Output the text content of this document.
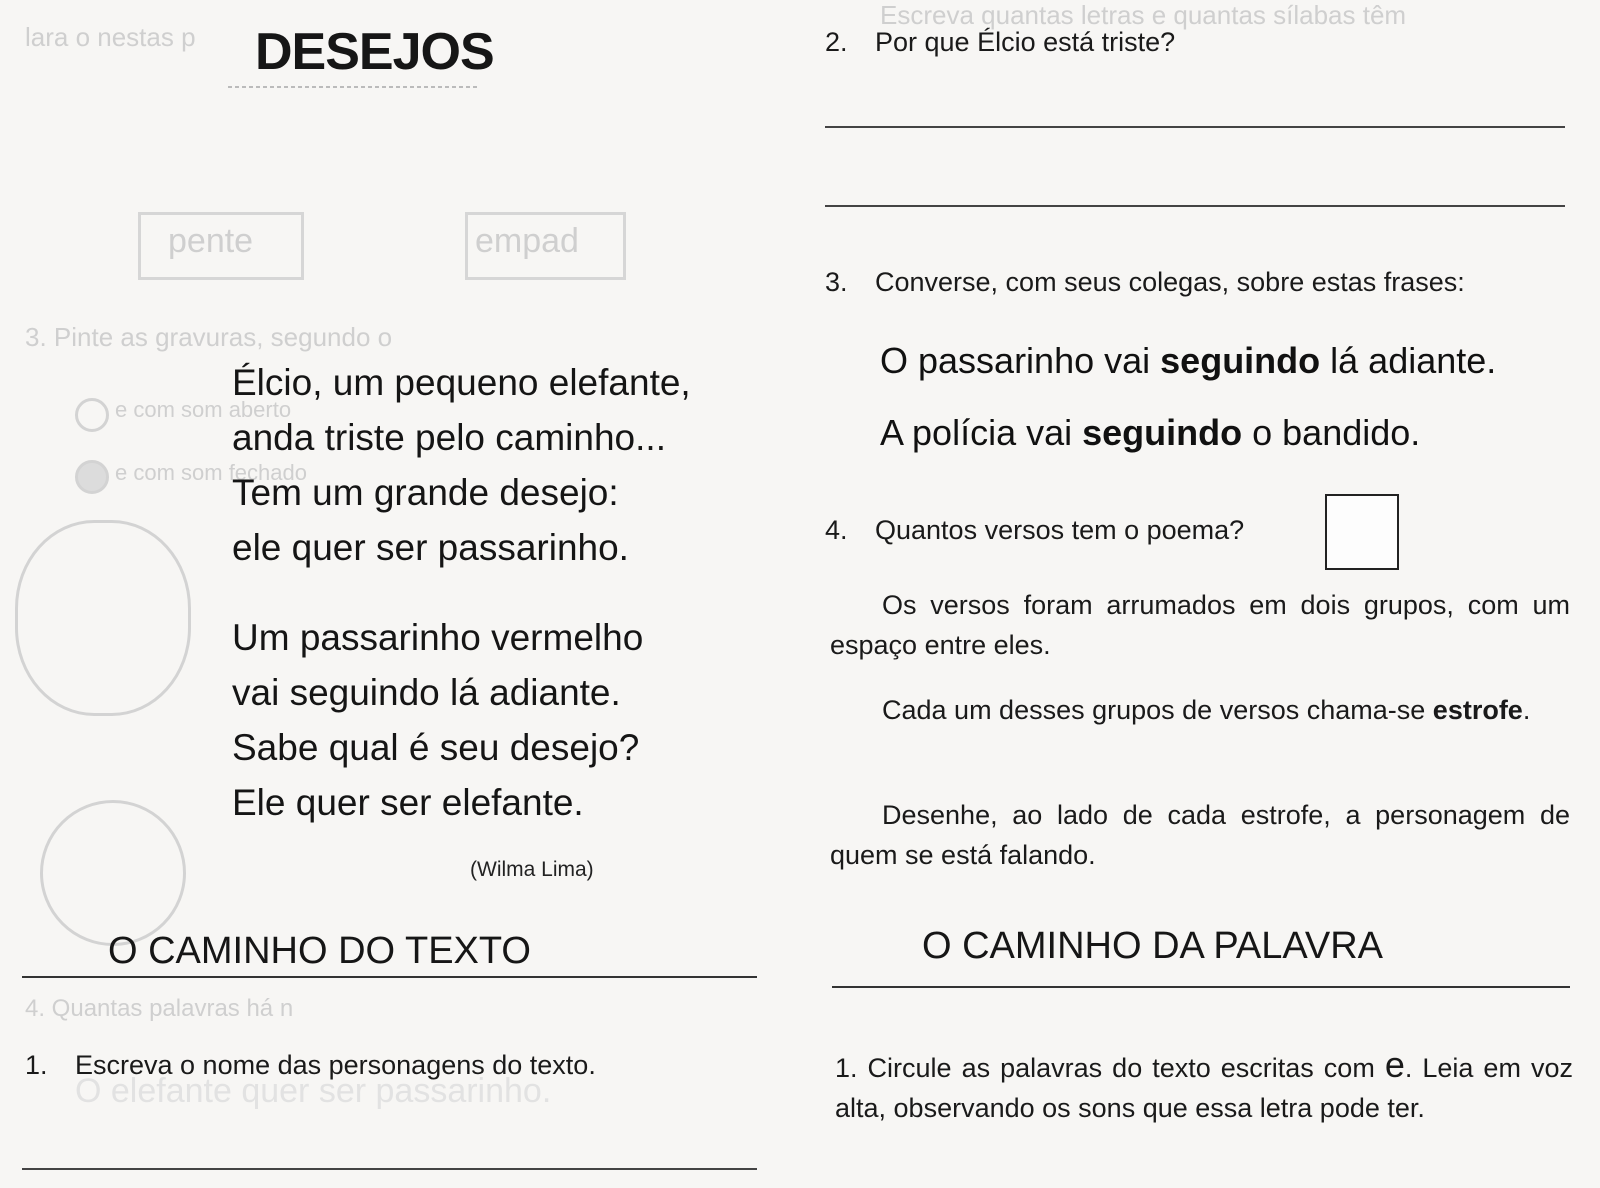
lara o nestas p
Escreva quantas letras e quantas sílabas têm
pente	empad
3. Pinte as gravuras, segundo o
e com som aberto
e com som fechado
4. Quantas palavras há n
O elefante quer ser passarinho.
DESEJOS
Élcio, um pequeno elefante,
anda triste pelo caminho...
Tem um grande desejo:
ele quer ser passarinho.
Um passarinho vermelho
vai seguindo lá adiante.
Sabe qual é seu desejo?
Ele quer ser elefante.
(Wilma Lima)
O CAMINHO DO TEXTO
1. Escreva o nome das personagens do texto.
2. Por que Élcio está triste?
3. Converse, com seus colegas, sobre estas frases:
O passarinho vai seguindo lá adiante.
A polícia vai seguindo o bandido.
4. Quantos versos tem o poema?
Os versos foram arrumados em dois grupos, com um espaço entre eles.
Cada um desses grupos de versos chama-se estrofe.
Desenhe, ao lado de cada estrofe, a personagem de quem se está falando.
O CAMINHO DA PALAVRA
1. Circule as palavras do texto escritas com e. Leia em voz alta, observando os sons que essa letra pode ter.
